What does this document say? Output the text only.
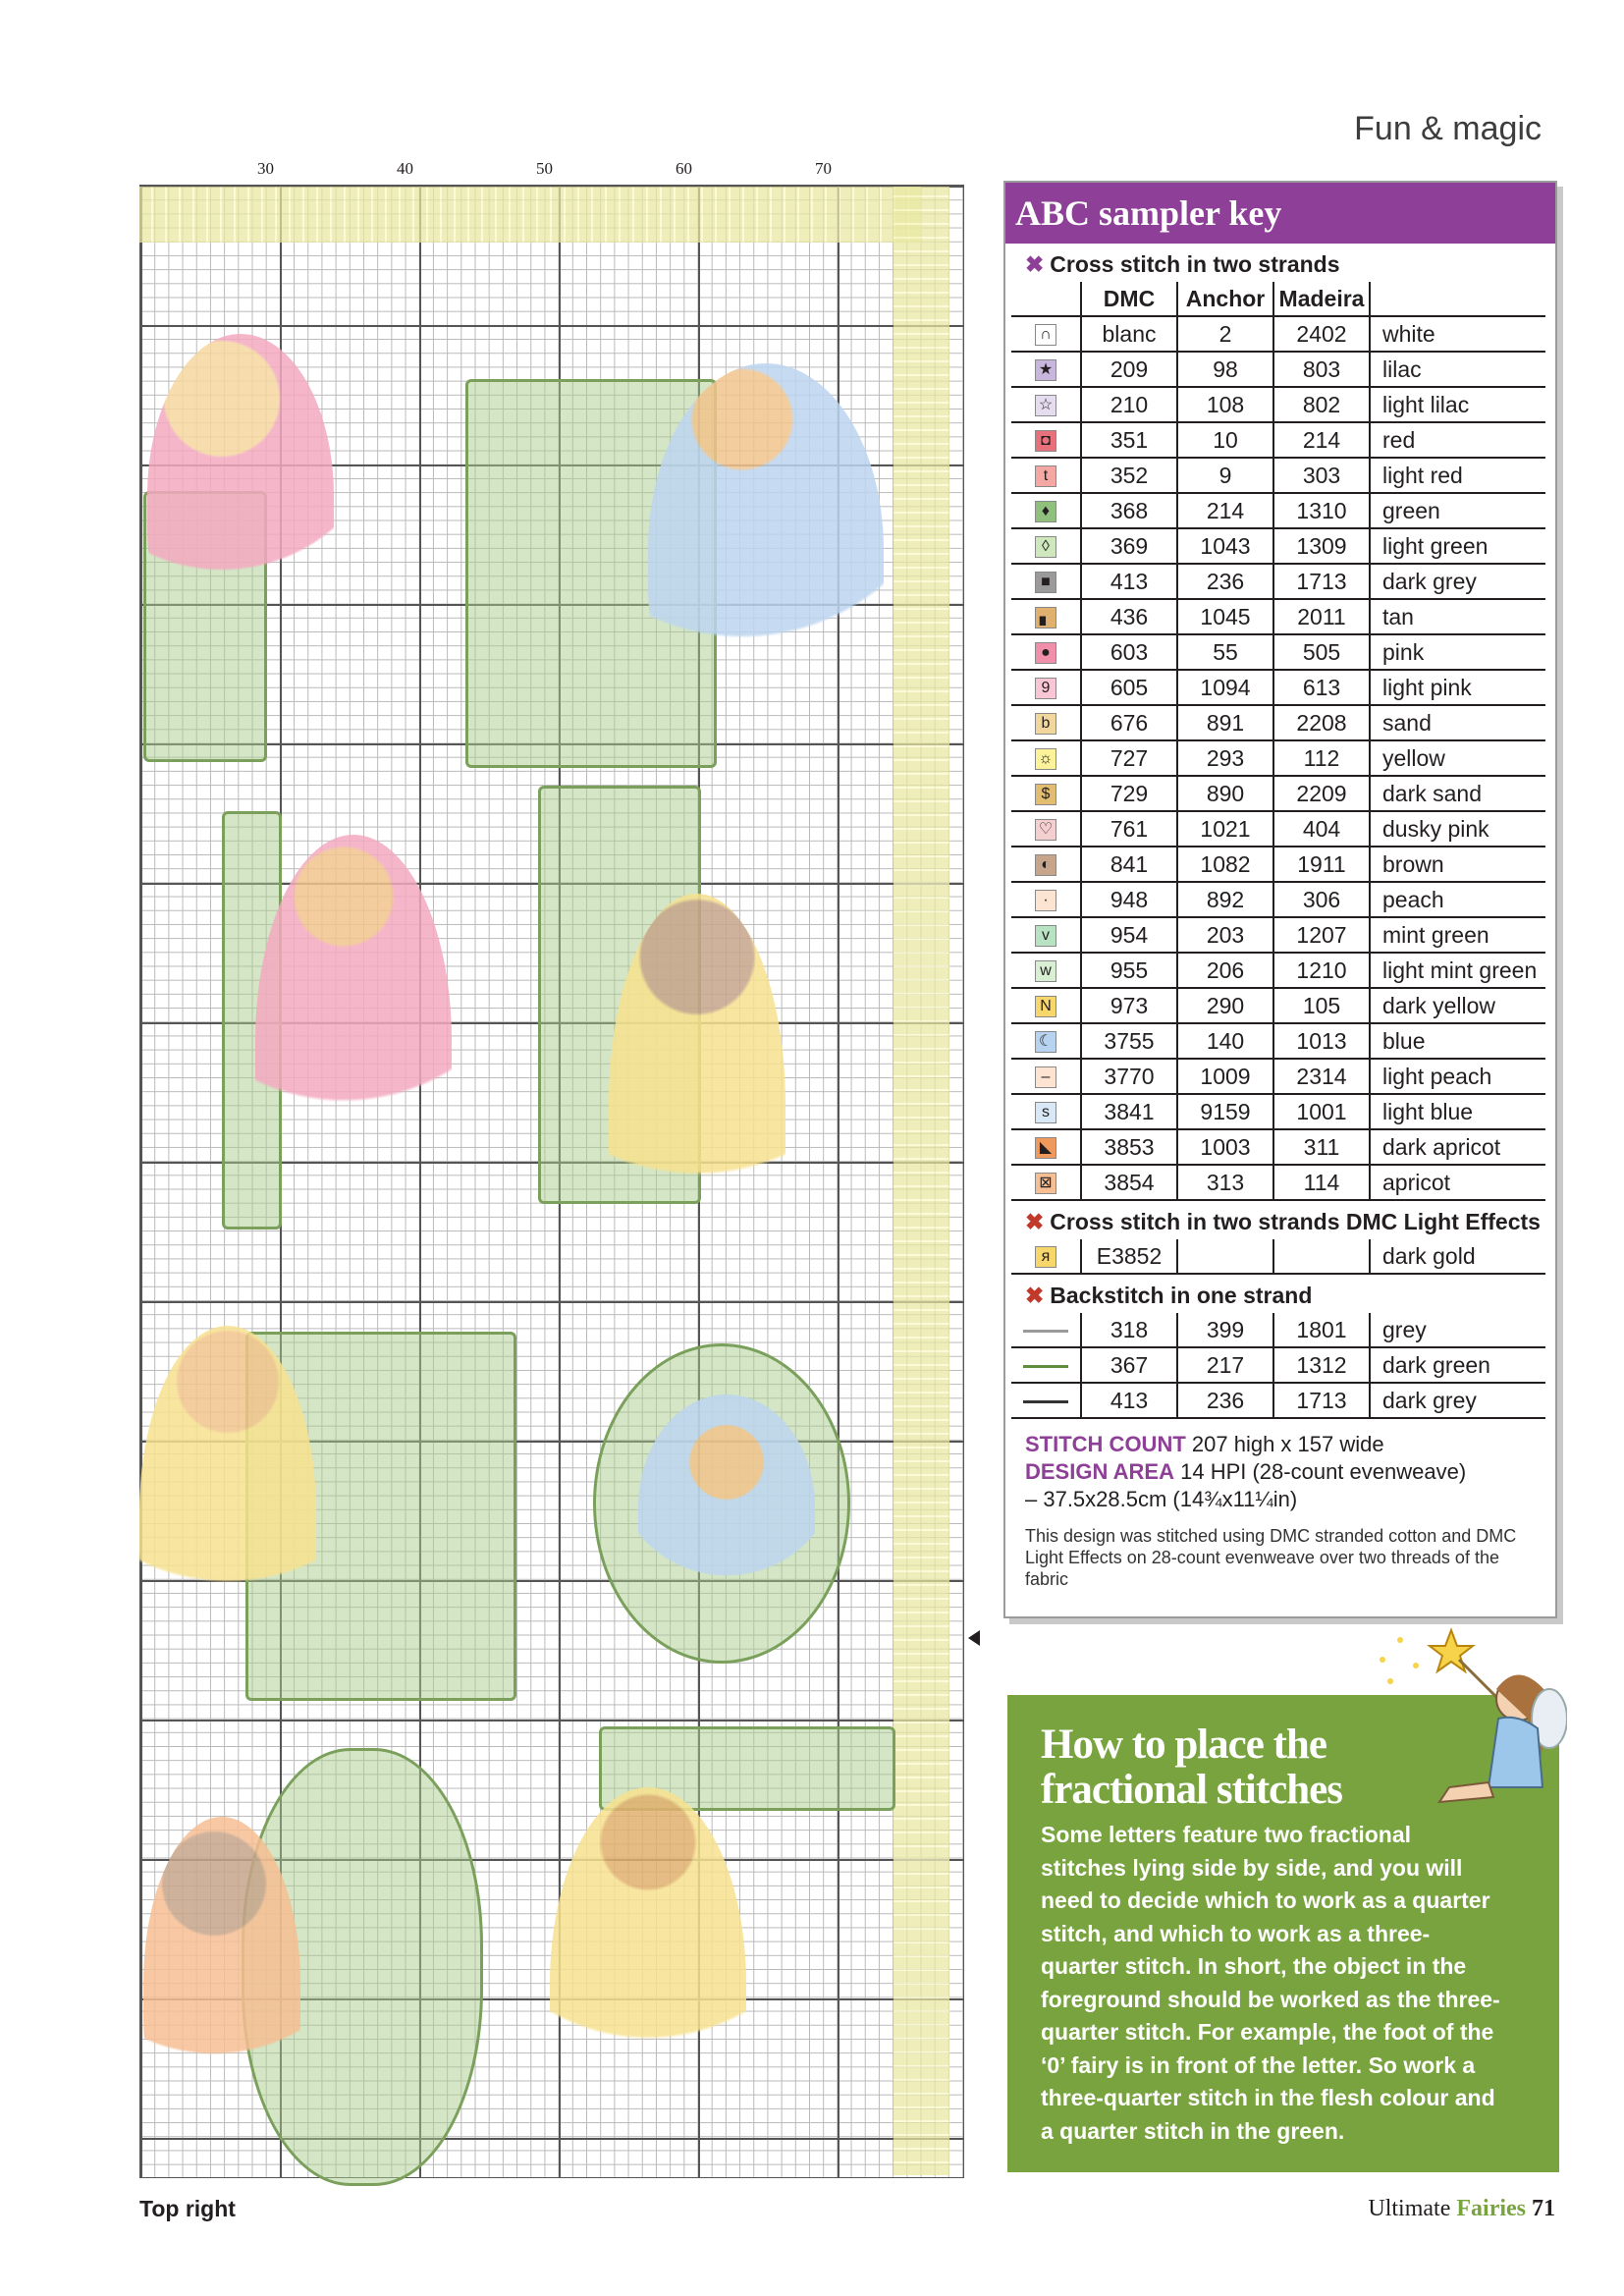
Fun & magic
30	40	50	60	70
Top right
ABC sampler key
✖ Cross stitch in two strands
	DMC	Anchor	Madeira	
∩	blanc	2	2402	white
★	209	98	803	lilac
☆	210	108	802	light lilac
◘	351	10	214	red
t	352	9	303	light red
♦	368	214	1310	green
◊	369	1043	1309	light green
■	413	236	1713	dark grey
▖	436	1045	2011	tan
●	603	55	505	pink
9	605	1094	613	light pink
b	676	891	2208	sand
☼	727	293	112	yellow
$	729	890	2209	dark sand
♡	761	1021	404	dusky pink
◐	841	1082	1911	brown
·	948	892	306	peach
v	954	203	1207	mint green
w	955	206	1210	light mint green
N	973	290	105	dark yellow
☾	3755	140	1013	blue
–	3770	1009	2314	light peach
s	3841	9159	1001	light blue
◣	3853	1003	311	dark apricot
⊠	3854	313	114	apricot
✖ Cross stitch in two strands DMC Light Effects
я	E3852			dark gold
✖ Backstitch in one strand
	318	399	1801	grey
	367	217	1312	dark green
	413	236	1713	dark grey
STITCH COUNT 207 high x 157 wide
DESIGN AREA 14 HPI (28-count evenweave)
– 37.5x28.5cm (14¾x11¼in)
This design was stitched using DMC stranded cotton and DMC Light Effects on 28-count evenweave over two threads of the fabric
How to place the
fractional stitches

Some letters feature two fractional stitches lying side by side, and you will need to decide which to work as a quarter stitch, and which to work as a three-quarter stitch. In short, the object in the foreground should be worked as the three-quarter stitch. For example, the foot of the ‘0’ fairy is in front of the letter. So work a three-quarter stitch in the flesh colour and a quarter stitch in the green.

Ultimate Fairies 71
